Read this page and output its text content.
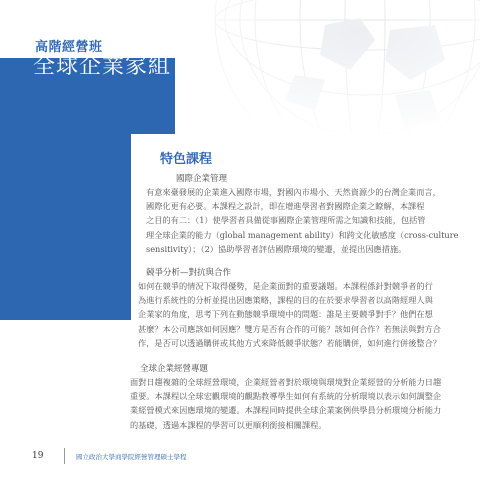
高階經營班
全球企業家組
特色課程
國際企業管理
有意來臺發展的企業進入國際市場，對國內市場小、天然資源少的台灣企業而言，
國際化更有必要。本課程之設計，即在增進學習者對國際企業之瞭解，本課程
之目的有二：（1）使學習者具備從事國際企業管理所需之知識和技能，包括管
理全球企業的能力（global management ability）和跨文化敏感度（cross-culture
sensitivity）；（2）協助學習者評估國際環境的變遷，並提出因應措施。
競爭分析—對抗與合作
如何在競爭的情況下取得優勢，是企業面對的重要議題。本課程係針對競爭者的行
為進行系統性的分析並提出因應策略，課程的目的在於要求學習者以高階經理人與
企業家的角度，思考下列在動態競爭環境中的問題：誰是主要競爭對手？他們在想
甚麼？本公司應該如何因應？雙方是否有合作的可能？該如何合作？若無法與對方合
作，是否可以透過購併或其他方式來降低競爭狀態？若能購併，如何進行併後整合？
全球企業經營專題
面對日趨複雜的全球經營環境，企業經營者對於環境與環境對企業經營的分析能力日趨
重要。本課程以全球宏觀環境的觀點教導學生如何有系統的分析環境以表示如何調整企
業經營模式來因應環境的變遷。本課程同時提供全球企業案例供學員分析環境分析能力
的基礎，透過本課程的學習可以更順利銜接相關課程。
19	國立政治大學商學院經營管理碩士學程
